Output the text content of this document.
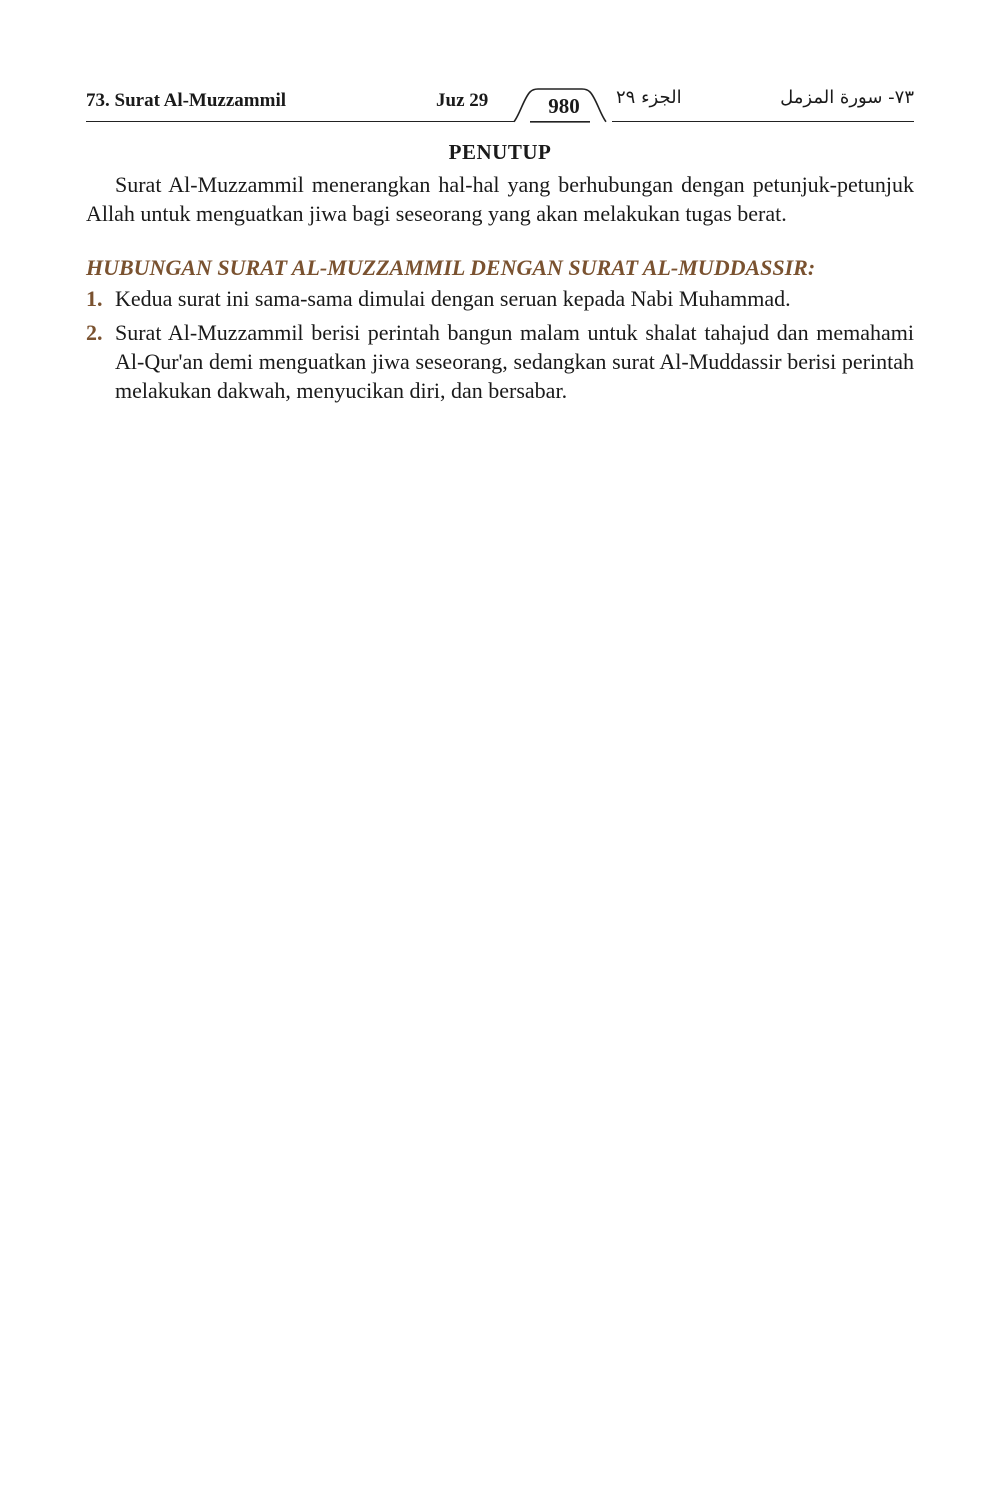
73. Surat Al-Muzzammil	Juz 29	980	الجزء ٢٩	٧٣- سورة المزمل
PENUTUP

Surat Al-Muzzammil menerangkan hal-hal yang berhubungan dengan petunjuk-petunjuk Allah untuk menguatkan jiwa bagi seseorang yang akan melakukan tugas berat.

HUBUNGAN SURAT AL-MUZZAMMIL DENGAN SURAT AL-MUDDASSIR:
1. Kedua surat ini sama-sama dimulai dengan seruan kepada Nabi Muhammad.
2. Surat Al-Muzzammil berisi perintah bangun malam untuk shalat tahajud dan memahami Al-Qur'an demi menguatkan jiwa seseorang, sedangkan surat Al-Muddassir berisi perintah melakukan dakwah, menyucikan diri, dan bersabar.
